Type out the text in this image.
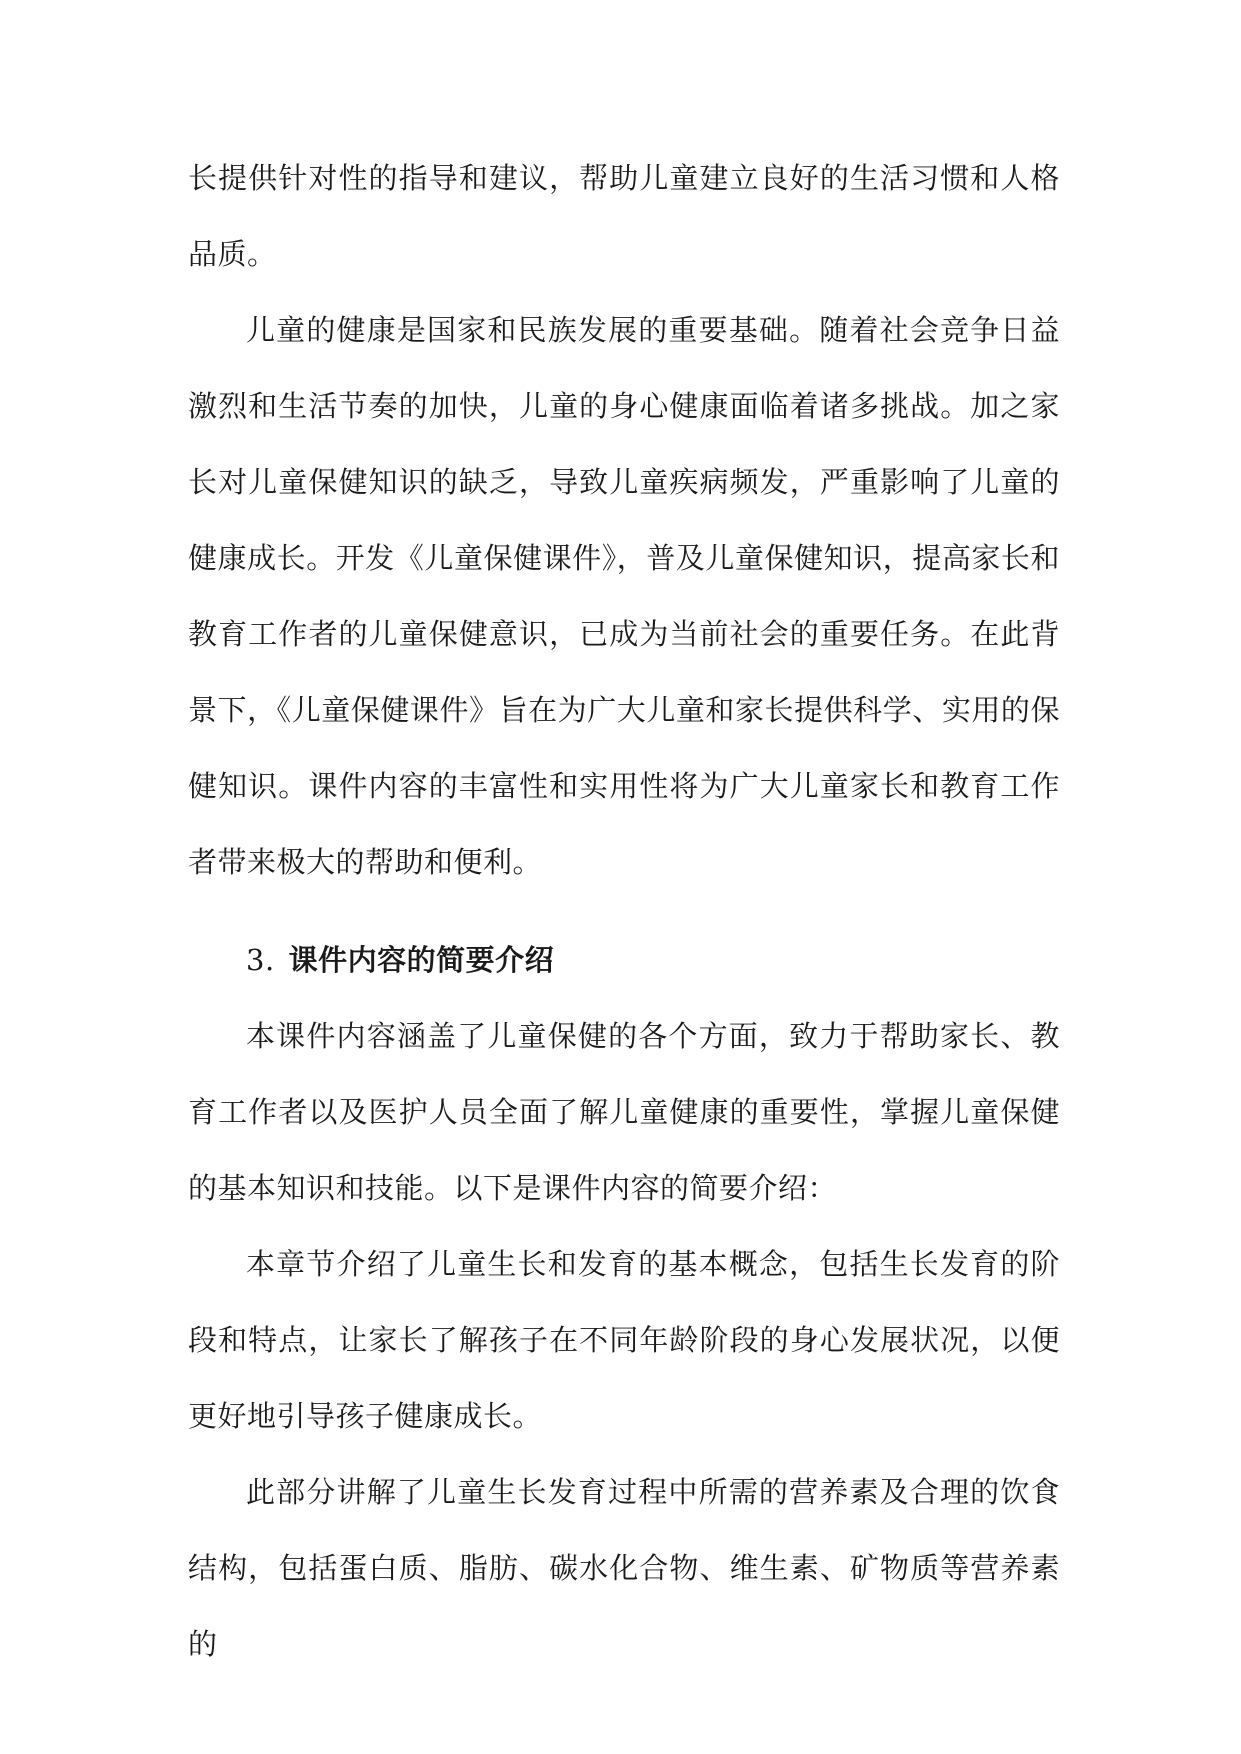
长提供针对性的指导和建议，帮助儿童建立良好的生活习惯和人格品质。

儿童的健康是国家和民族发展的重要基础。随着社会竞争日益激烈和生活节奏的加快，儿童的身心健康面临着诸多挑战。加之家长对儿童保健知识的缺乏，导致儿童疾病频发，严重影响了儿童的健康成长。开发《儿童保健课件》，普及儿童保健知识，提高家长和教育工作者的儿童保健意识，已成为当前社会的重要任务。在此背景下，《儿童保健课件》旨在为广大儿童和家长提供科学、实用的保健知识。课件内容的丰富性和实用性将为广大儿童家长和教育工作者带来极大的帮助和便利。

3. 课件内容的简要介绍

本课件内容涵盖了儿童保健的各个方面，致力于帮助家长、教育工作者以及医护人员全面了解儿童健康的重要性，掌握儿童保健的基本知识和技能。以下是课件内容的简要介绍：

本章节介绍了儿童生长和发育的基本概念，包括生长发育的阶段和特点，让家长了解孩子在不同年龄阶段的身心发展状况，以便更好地引导孩子健康成长。

此部分讲解了儿童生长发育过程中所需的营养素及合理的饮食结构，包括蛋白质、脂肪、碳水化合物、维生素、矿物质等营养素的
